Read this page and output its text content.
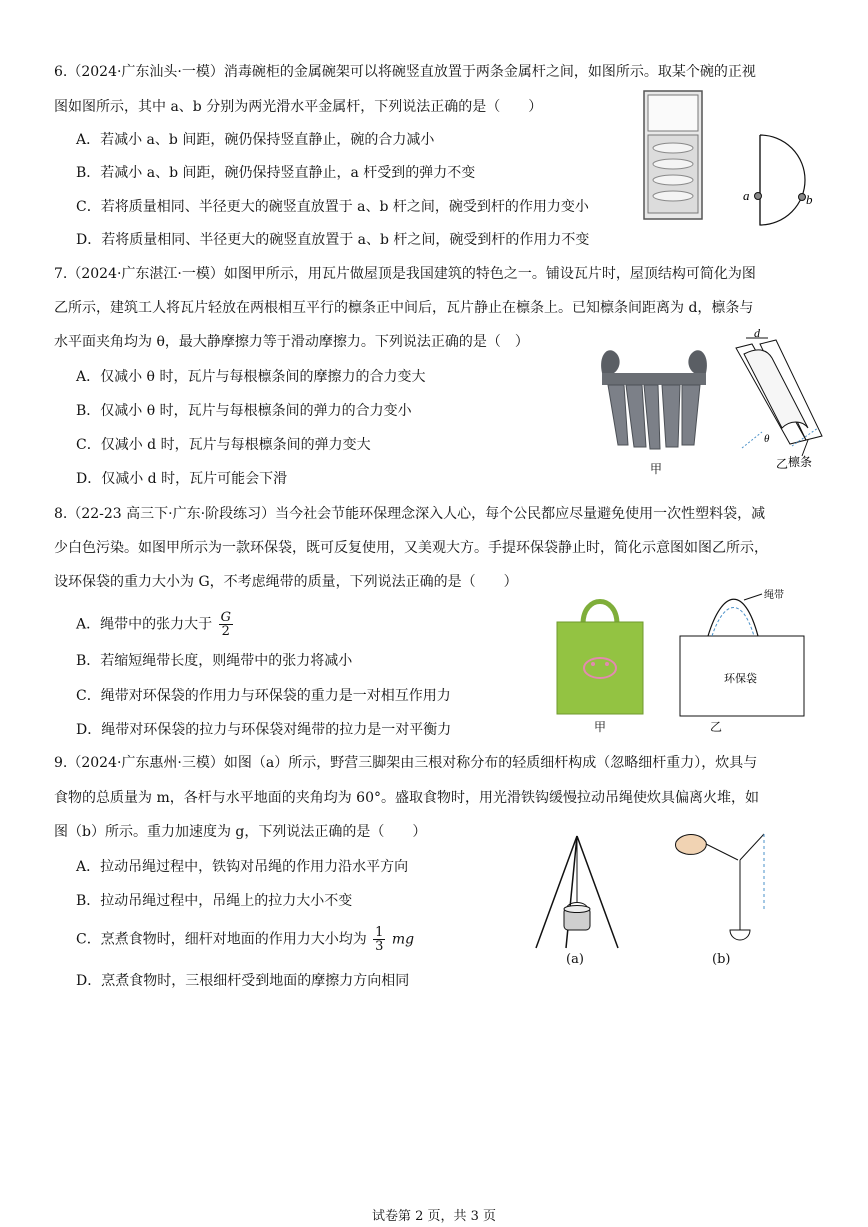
6.（2024·广东汕头·一模）消毒碗柜的金属碗架可以将碗竖直放置于两条金属杆之间，如图所示。取某个碗的正视
图如图所示，其中 a、b 分别为两光滑水平金属杆，下列说法正确的是（　　）
A．若减小 a、b 间距，碗仍保持竖直静止，碗的合力减小
B．若减小 a、b 间距，碗仍保持竖直静止，a 杆受到的弹力不变
C．若将质量相同、半径更大的碗竖直放置于 a、b 杆之间，碗受到杆的作用力变小
D．若将质量相同、半径更大的碗竖直放置于 a、b 杆之间，碗受到杆的作用力不变
a	b
7.（2024·广东湛江·一模）如图甲所示，用瓦片做屋顶是我国建筑的特色之一。铺设瓦片时，屋顶结构可简化为图
乙所示，建筑工人将瓦片轻放在两根相互平行的檩条正中间后，瓦片静止在檩条上。已知檩条间距离为 d，檩条与
水平面夹角均为 θ，最大静摩擦力等于滑动摩擦力。下列说法正确的是（　）
A．仅减小 θ 时，瓦片与每根檩条间的摩擦力的合力变大
B．仅减小 θ 时，瓦片与每根檩条间的弹力的合力变小
C．仅减小 d 时，瓦片与每根檩条间的弹力变大
D．仅减小 d 时，瓦片可能会下滑
甲
d
θ
檩条
乙
8.（22-23 高三下·广东·阶段练习）当今社会节能环保理念深入人心，每个公民都应尽量避免使用一次性塑料袋，减
少白色污染。如图甲所示为一款环保袋，既可反复使用，又美观大方。手提环保袋静止时，简化示意图如图乙所示，
设环保袋的重力大小为 G，不考虑绳带的质量，下列说法正确的是（　　）
A．绳带中的张力大于 $\frac{G}{2}$
B．若缩短绳带长度，则绳带中的张力将减小
C．绳带对环保袋的作用力与环保袋的重力是一对相互作用力
D．绳带对环保袋的拉力与环保袋对绳带的拉力是一对平衡力	甲
绳带
环保袋
乙
9.（2024·广东惠州·三模）如图（a）所示，野营三脚架由三根对称分布的轻质细杆构成（忽略细杆重力），炊具与
食物的总质量为 m，各杆与水平地面的夹角均为 60°。盛取食物时，用光滑铁钩缓慢拉动吊绳使炊具偏离火堆，如
图（b）所示。重力加速度为 g，下列说法正确的是（　　）
A．拉动吊绳过程中，铁钩对吊绳的作用力沿水平方向
B．拉动吊绳过程中，吊绳上的拉力大小不变
C．烹煮食物时，细杆对地面的作用力大小均为 $\frac{1}{3}$ mg
D．烹煮食物时，三根细杆受到地面的摩擦力方向相同
(a)	(b)
试卷第 2 页，共 3 页
